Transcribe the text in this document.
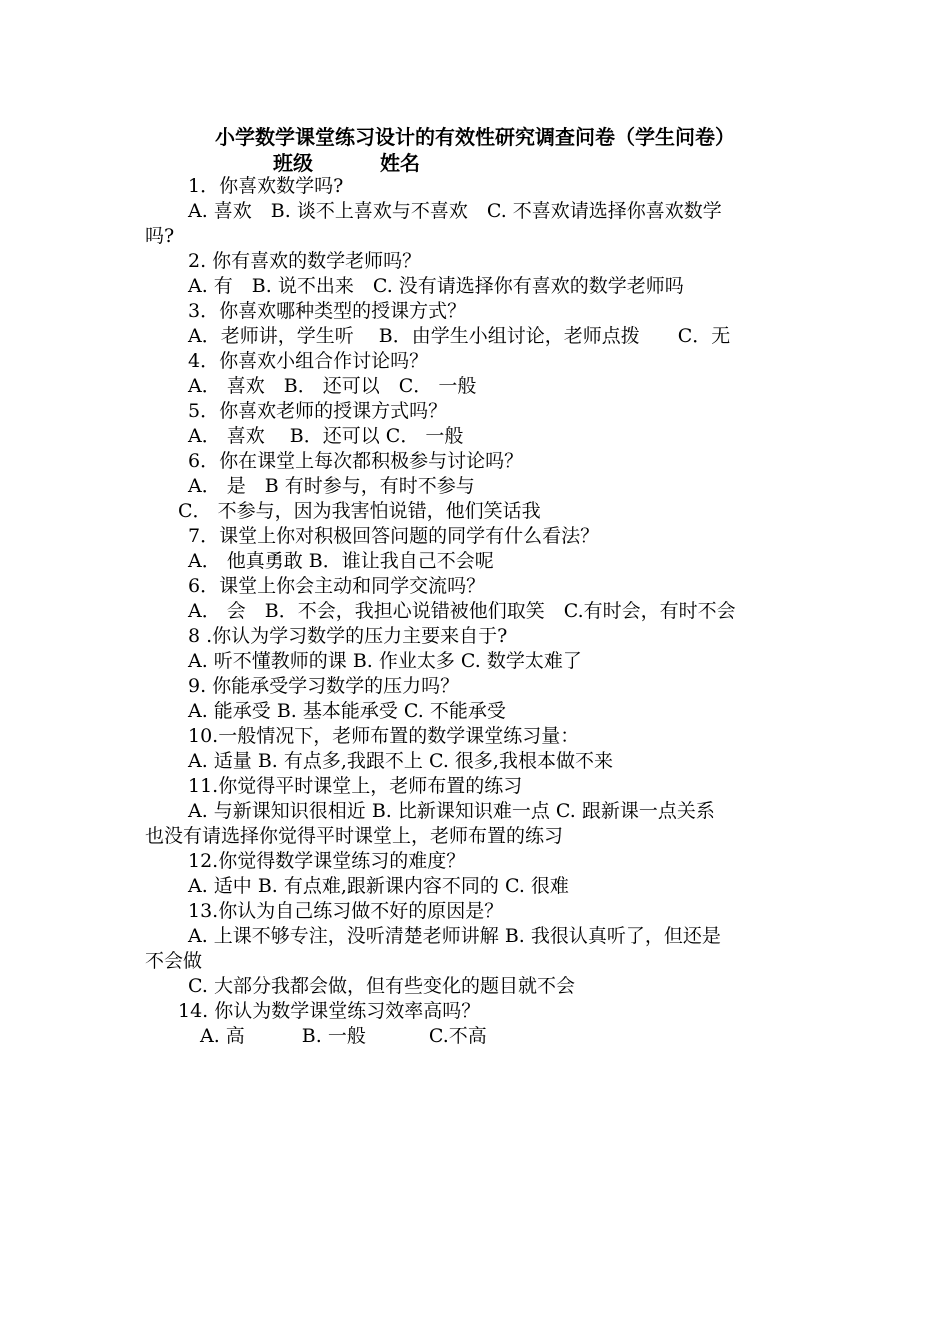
小学数学课堂练习设计的有效性研究调查问卷（学生问卷）
班级	姓名
1．你喜欢数学吗?
A. 喜欢　B. 谈不上喜欢与不喜欢　C. 不喜欢请选择你喜欢数学
吗?
2. 你有喜欢的数学老师吗？
A. 有　B. 说不出来　C. 没有请选择你有喜欢的数学老师吗
3．你喜欢哪种类型的授课方式？
A．老师讲，学生听　 B．由学生小组讨论，老师点拨　　C．无
4．你喜欢小组合作讨论吗？
A． 喜欢　B． 还可以　C． 一般
5．你喜欢老师的授课方式吗？
A． 喜欢　 B．还可以 C． 一般
6．你在课堂上每次都积极参与讨论吗？
A． 是　B 有时参与，有时不参与
C． 不参与，因为我害怕说错，他们笑话我
7．课堂上你对积极回答问题的同学有什么看法？
A． 他真勇敢 B．谁让我自己不会呢
6．课堂上你会主动和同学交流吗？
A． 会　B．不会，我担心说错被他们取笑　C.有时会，有时不会
8 .你认为学习数学的压力主要来自于?
A. 听不懂教师的课 B. 作业太多 C. 数学太难了
9. 你能承受学习数学的压力吗？
A. 能承受 B. 基本能承受 C. 不能承受
10.一般情况下，老师布置的数学课堂练习量：
A. 适量 B. 有点多,我跟不上 C. 很多,我根本做不来
11.你觉得平时课堂上，老师布置的练习
A. 与新课知识很相近 B. 比新课知识难一点 C. 跟新课一点关系
也没有请选择你觉得平时课堂上，老师布置的练习
12.你觉得数学课堂练习的难度？
A. 适中 B. 有点难,跟新课内容不同的 C. 很难
13.你认为自己练习做不好的原因是？
A. 上课不够专注，没听清楚老师讲解 B. 我很认真听了，但还是
不会做
C. 大部分我都会做，但有些变化的题目就不会
14. 你认为数学课堂练习效率高吗？
A. 高　　　B. 一般　　　 C.不高
